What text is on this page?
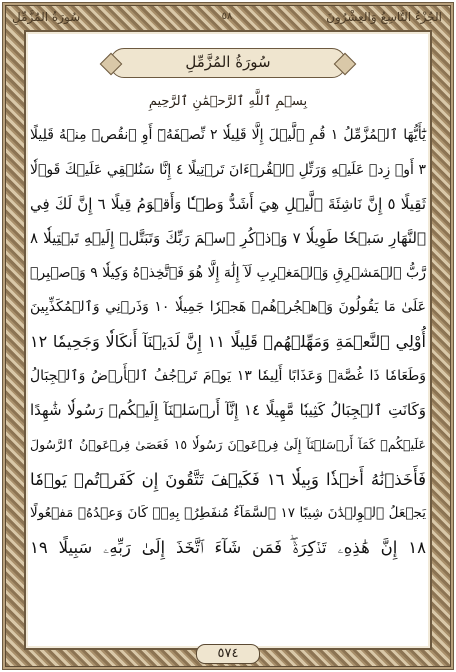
الجُزْءُ التَّاسِعُ وَالعِشْرُونَ
٥٨
سُورَةُ المُزَّمِّلِ
سُورَةُ المُزَّمِّلِ
بِسۡمِ ٱللَّهِ ٱلرَّحۡمَٰنِ ٱلرَّحِيمِ
يَٰٓأَيُّهَا ٱلۡمُزَّمِّلُ ١ قُمِ ٱلَّيۡلَ إِلَّا قَلِيلٗا ٢ نِّصۡفَهُۥٓ أَوِ ٱنقُصۡ مِنۡهُ قَلِيلًا
٣ أَوۡ زِدۡ عَلَيۡهِ وَرَتِّلِ ٱلۡقُرۡءَانَ تَرۡتِيلًا ٤ إِنَّا سَنُلۡقِي عَلَيۡكَ قَوۡلٗا
ثَقِيلًا ٥ إِنَّ نَاشِئَةَ ٱلَّيۡلِ هِيَ أَشَدُّ وَطۡـٔٗا وَأَقۡوَمُ قِيلًا ٦ إِنَّ لَكَ فِي
ٱلنَّهَارِ سَبۡحٗا طَوِيلٗا ٧ وَٱذۡكُرِ ٱسۡمَ رَبِّكَ وَتَبَتَّلۡ إِلَيۡهِ تَبۡتِيلٗا ٨
رَّبُّ ٱلۡمَشۡرِقِ وَٱلۡمَغۡرِبِ لَآ إِلَٰهَ إِلَّا هُوَ فَٱتَّخِذۡهُ وَكِيلٗا ٩ وَٱصۡبِرۡ
عَلَىٰ مَا يَقُولُونَ وَٱهۡجُرۡهُمۡ هَجۡرٗا جَمِيلٗا ١٠ وَذَرۡنِي وَٱلۡمُكَذِّبِينَ
أُوْلِي ٱلنَّعۡمَةِ وَمَهِّلۡهُمۡ قَلِيلًا ١١ إِنَّ لَدَيۡنَآ أَنكَالٗا وَجَحِيمٗا ١٢
وَطَعَامٗا ذَا غُصَّةٖ وَعَذَابًا أَلِيمٗا ١٣ يَوۡمَ تَرۡجُفُ ٱلۡأَرۡضُ وَٱلۡجِبَالُ
وَكَانَتِ ٱلۡجِبَالُ كَثِيبٗا مَّهِيلًا ١٤ إِنَّآ أَرۡسَلۡنَآ إِلَيۡكُمۡ رَسُولٗا شَٰهِدًا
عَلَيۡكُمۡ كَمَآ أَرۡسَلۡنَآ إِلَىٰ فِرۡعَوۡنَ رَسُولٗا ١٥ فَعَصَىٰ فِرۡعَوۡنُ ٱلرَّسُولَ
فَأَخَذۡنَٰهُ أَخۡذٗا وَبِيلٗا ١٦ فَكَيۡفَ تَتَّقُونَ إِن كَفَرۡتُمۡ يَوۡمٗا
يَجۡعَلُ ٱلۡوِلۡدَٰنَ شِيبًا ١٧ ٱلسَّمَآءُ مُنفَطِرُۢ بِهِۦۚ كَانَ وَعۡدُهُۥ مَفۡعُولًا
١٨ إِنَّ هَٰذِهِۦ تَذۡكِرَةٞۖ فَمَن شَآءَ ٱتَّخَذَ إِلَىٰ رَبِّهِۦ سَبِيلًا ١٩
٥٧٤
